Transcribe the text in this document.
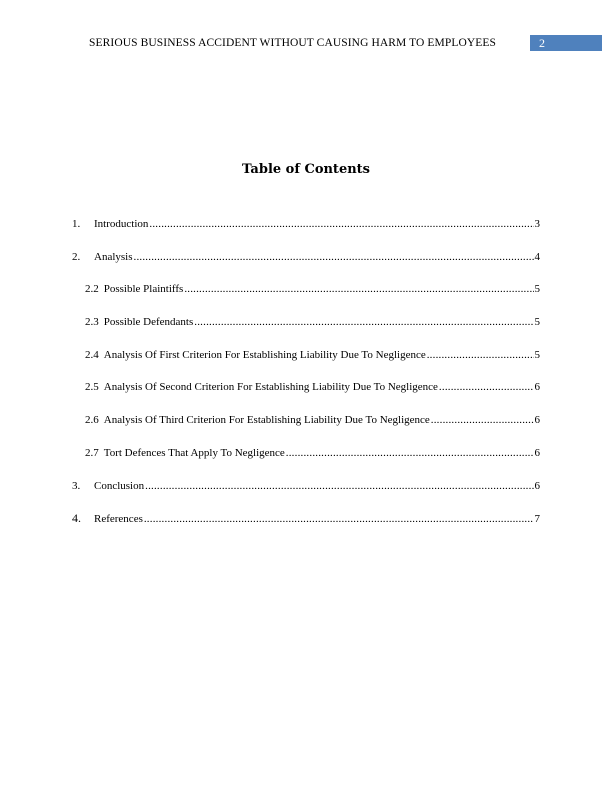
SERIOUS BUSINESS ACCIDENT WITHOUT CAUSING HARM TO EMPLOYEES	2
Table of Contents
1.	Introduction .....	3
2.	Analysis .....	4
2.2 Possible Plaintiffs .....	5
2.3 Possible Defendants .....	5
2.4 Analysis Of First Criterion For Establishing Liability Due To Negligence .....	5
2.5 Analysis Of Second Criterion For Establishing Liability Due To Negligence .....	6
2.6 Analysis Of Third Criterion For Establishing Liability Due To Negligence .....	6
2.7 Tort Defences That Apply To Negligence .....	6
3.	Conclusion .....	6
4.	References .....	7
